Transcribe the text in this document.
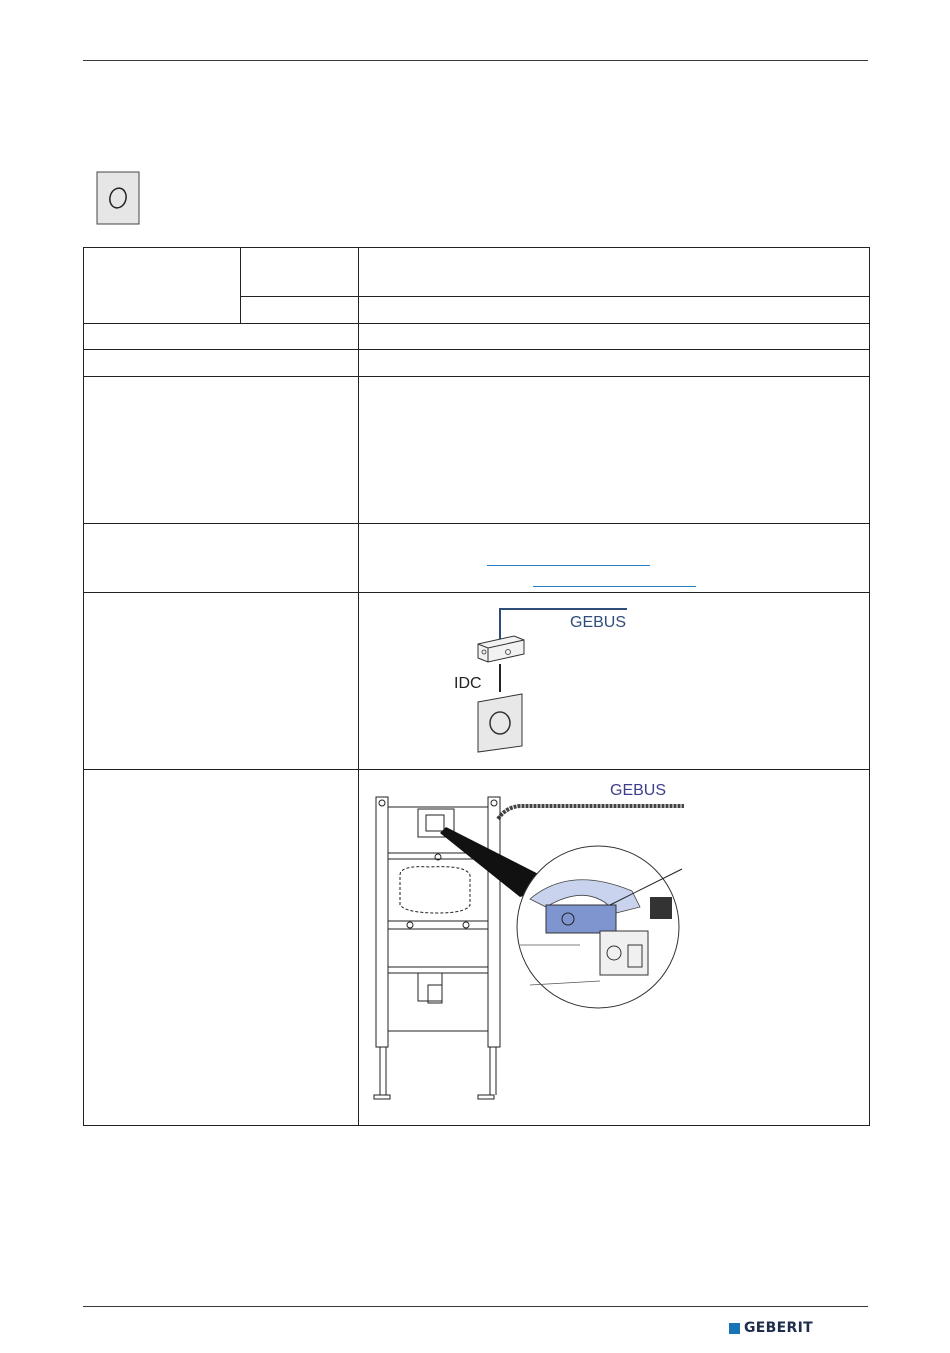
GEBUS
IDC
GEBUS
GEBERIT
